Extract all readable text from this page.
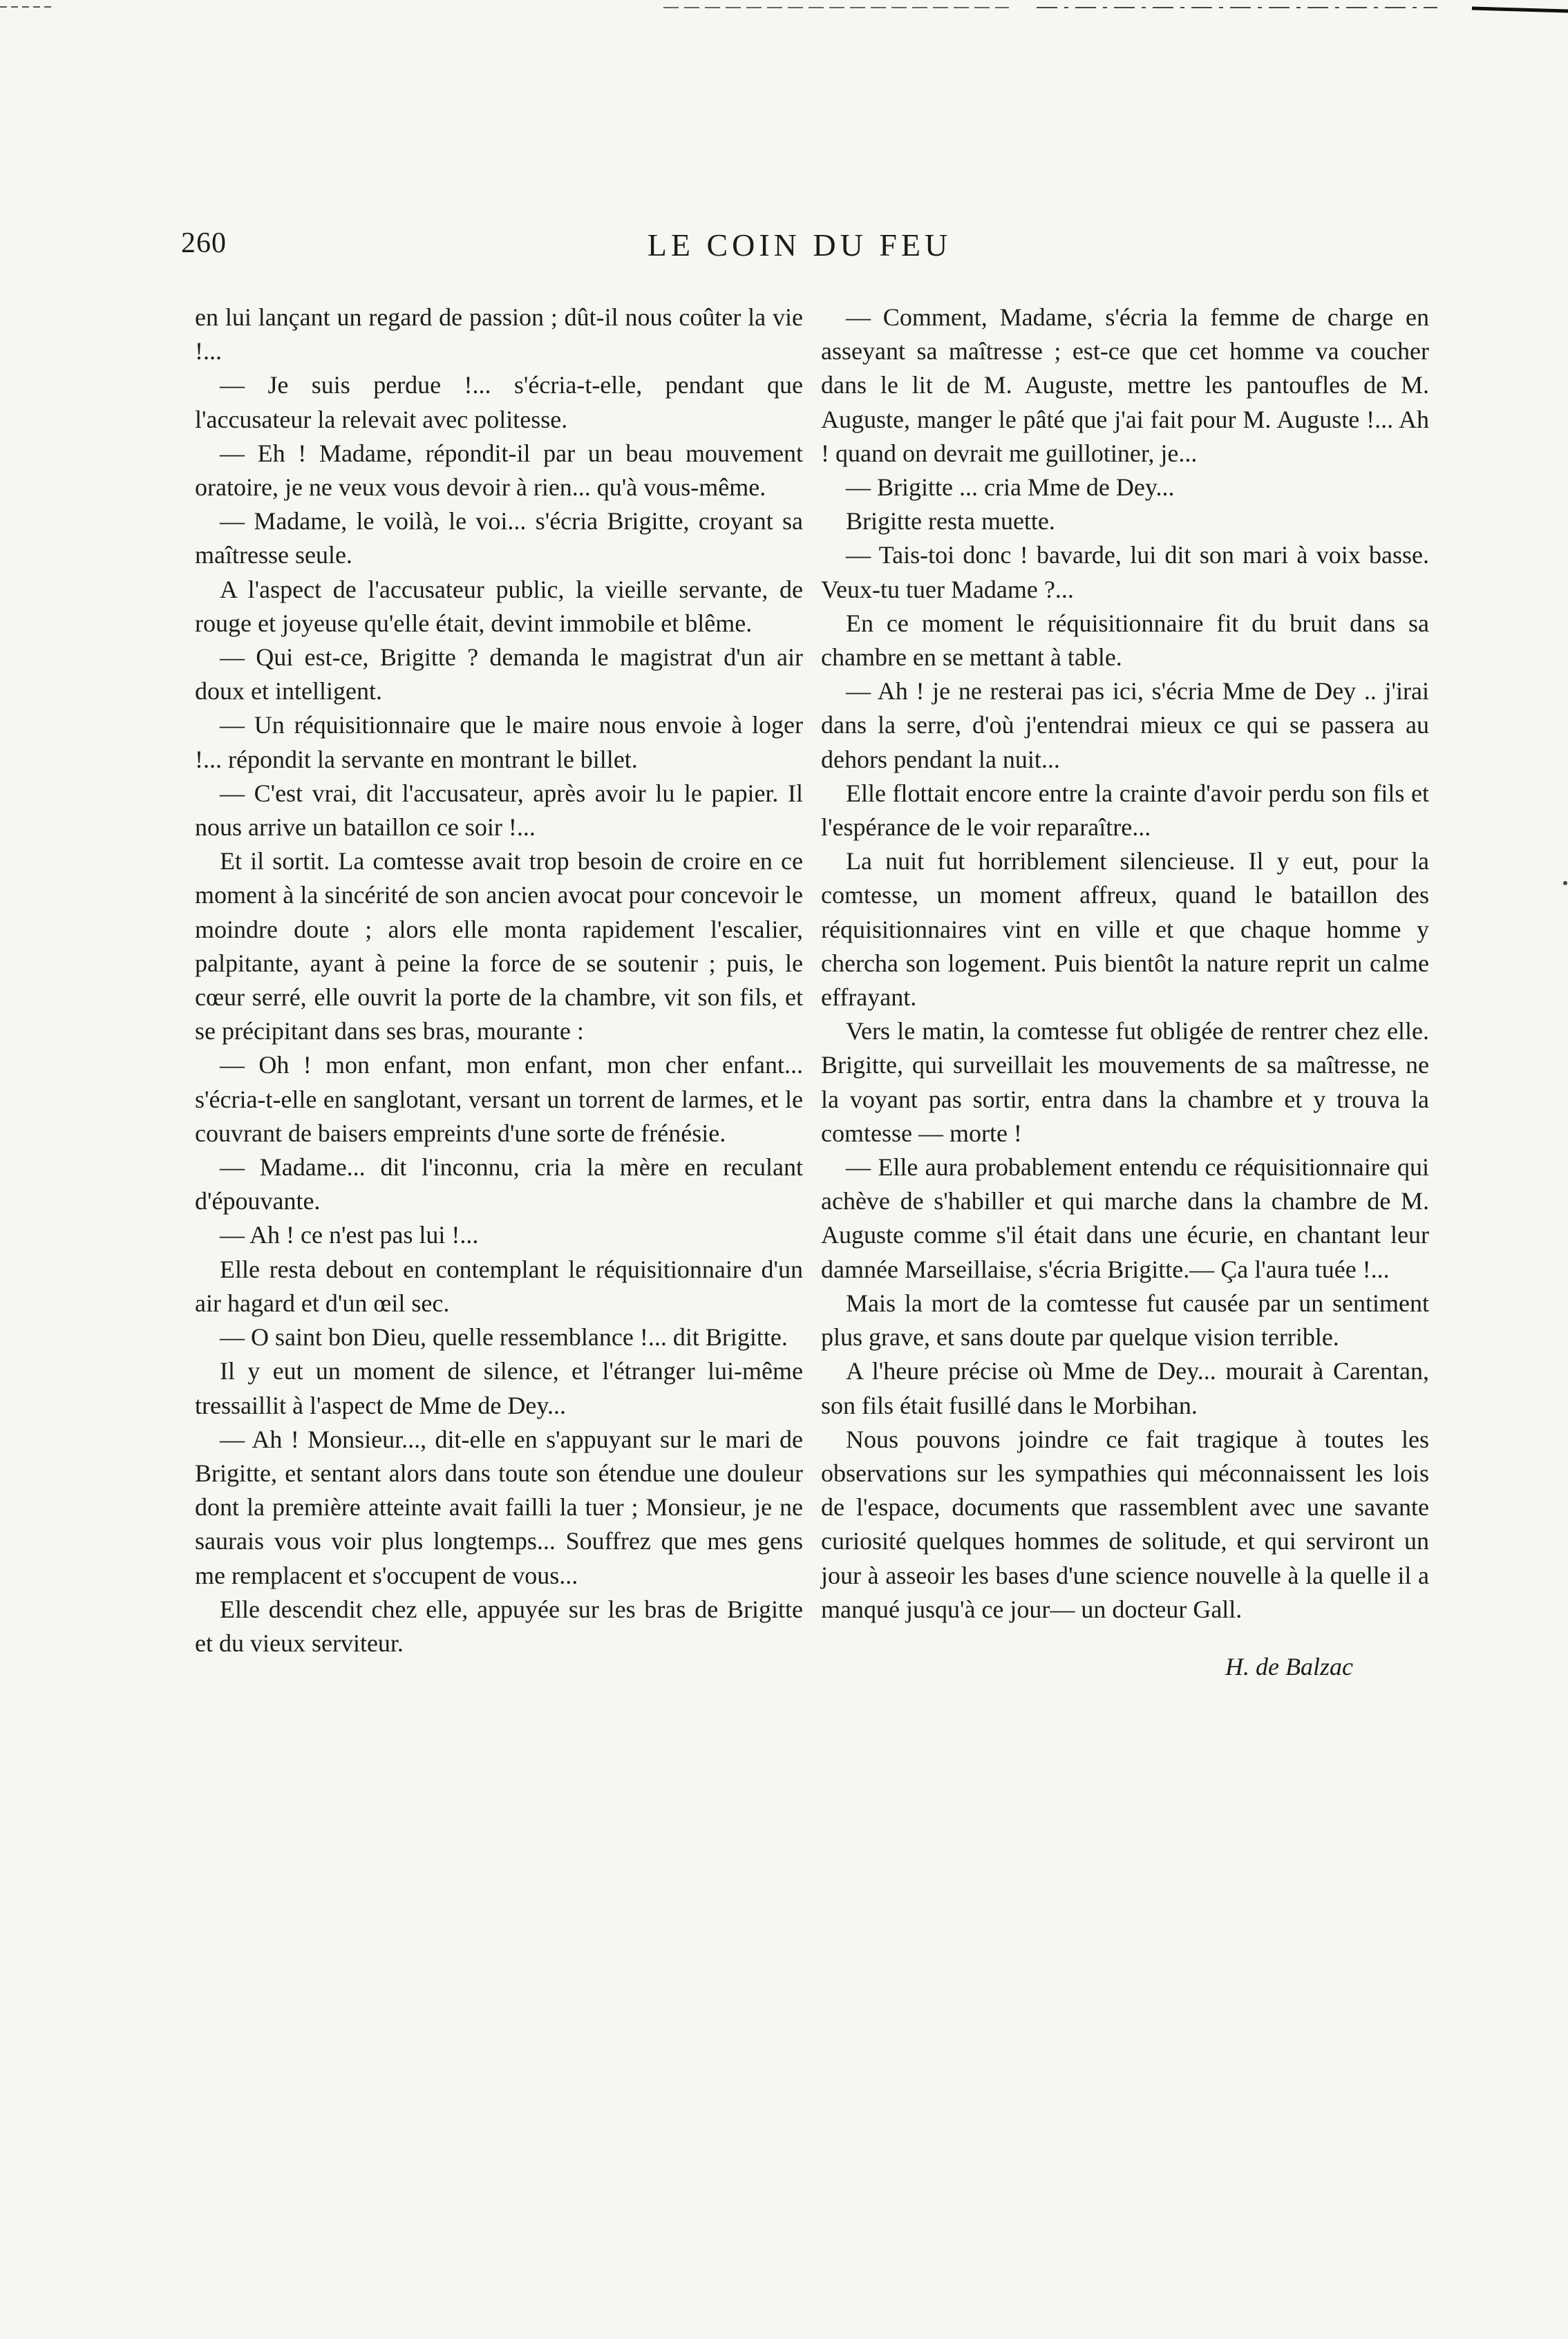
260	LE COIN DU FEU

en lui lançant un regard de passion ; dût-il nous coûter la vie !...

— Je suis perdue !... s'écria-t-elle, pendant que l'accusateur la relevait avec politesse.

— Eh ! Madame, répondit-il par un beau mouvement oratoire, je ne veux vous devoir à rien... qu'à vous-même.

— Madame, le voilà, le voi... s'écria Brigitte, croyant sa maîtresse seule.

A l'aspect de l'accusateur public, la vieille servante, de rouge et joyeuse qu'elle était, devint immobile et blême.

— Qui est-ce, Brigitte ? demanda le magistrat d'un air doux et intelligent.

— Un réquisitionnaire que le maire nous envoie à loger !... répondit la servante en montrant le billet.

— C'est vrai, dit l'accusateur, après avoir lu le papier. Il nous arrive un bataillon ce soir !...

Et il sortit. La comtesse avait trop besoin de croire en ce moment à la sincérité de son ancien avocat pour concevoir le moindre doute ; alors elle monta rapidement l'escalier, palpitante, ayant à peine la force de se soutenir ; puis, le cœur serré, elle ouvrit la porte de la chambre, vit son fils, et se précipitant dans ses bras, mourante :

— Oh ! mon enfant, mon enfant, mon cher enfant... s'écria-t-elle en sanglotant, versant un torrent de larmes, et le couvrant de baisers empreints d'une sorte de frénésie.

— Madame... dit l'inconnu, cria la mère en reculant d'épouvante.

— Ah ! ce n'est pas lui !...

Elle resta debout en contemplant le réquisitionnaire d'un air hagard et d'un œil sec.

— O saint bon Dieu, quelle ressemblance !... dit Brigitte.

Il y eut un moment de silence, et l'étranger lui-même tressaillit à l'aspect de Mme de Dey...

— Ah ! Monsieur..., dit-elle en s'appuyant sur le mari de Brigitte, et sentant alors dans toute son étendue une douleur dont la première atteinte avait failli la tuer ; Monsieur, je ne saurais vous voir plus longtemps... Souffrez que mes gens me remplacent et s'occupent de vous...

Elle descendit chez elle, appuyée sur les bras de Brigitte et du vieux serviteur.

— Comment, Madame, s'écria la femme de charge en asseyant sa maîtresse ; est-ce que cet homme va coucher dans le lit de M. Auguste, mettre les pantoufles de M. Auguste, manger le pâté que j'ai fait pour M. Auguste !... Ah ! quand on devrait me guillotiner, je...

— Brigitte ... cria Mme de Dey...

Brigitte resta muette.

— Tais-toi donc ! bavarde, lui dit son mari à voix basse. Veux-tu tuer Madame ?...

En ce moment le réquisitionnaire fit du bruit dans sa chambre en se mettant à table.

— Ah ! je ne resterai pas ici, s'écria Mme de Dey .. j'irai dans la serre, d'où j'entendrai mieux ce qui se passera au dehors pendant la nuit...

Elle flottait encore entre la crainte d'avoir perdu son fils et l'espérance de le voir reparaître...

La nuit fut horriblement silencieuse. Il y eut, pour la comtesse, un moment affreux, quand le bataillon des réquisitionnaires vint en ville et que chaque homme y chercha son logement. Puis bientôt la nature reprit un calme effrayant.

Vers le matin, la comtesse fut obligée de rentrer chez elle. Brigitte, qui surveillait les mouvements de sa maîtresse, ne la voyant pas sortir, entra dans la chambre et y trouva la comtesse — morte !

— Elle aura probablement entendu ce réquisitionnaire qui achève de s'habiller et qui marche dans la chambre de M. Auguste comme s'il était dans une écurie, en chantant leur damnée Marseillaise, s'écria Brigitte.— Ça l'aura tuée !...

Mais la mort de la comtesse fut causée par un sentiment plus grave, et sans doute par quelque vision terrible.

A l'heure précise où Mme de Dey... mourait à Carentan, son fils était fusillé dans le Morbihan.

Nous pouvons joindre ce fait tragique à toutes les observations sur les sympathies qui méconnaissent les lois de l'espace, documents que rassemblent avec une savante curiosité quelques hommes de solitude, et qui serviront un jour à asseoir les bases d'une science nouvelle à la quelle il a manqué jusqu'à ce jour— un docteur Gall.

H. de Balzac
